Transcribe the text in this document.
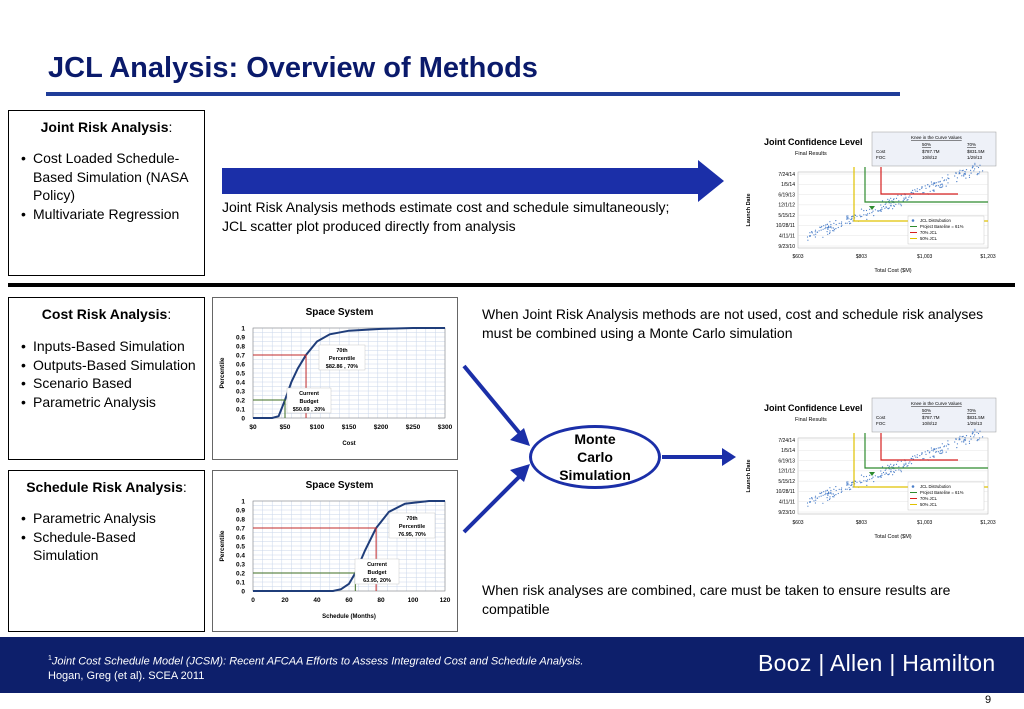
JCL Analysis: Overview of Methods
Joint Risk Analysis:
• Cost Loaded Schedule-Based Simulation (NASA Policy)
• Multivariate Regression	Joint Risk Analysis methods estimate cost and schedule simultaneously; JCL scatter plot produced directly from analysis
Joint Confidence Level
Final Results
Knee in the Curve Values
50%	70%
Cost	$787.7M	$831.5M
FOC	10/8/12	1/29/13
7/24/14
1/5/14
6/19/13
12/1/12
5/15/12
10/28/11
4/11/11
9/23/10
$603	$803	$1,003	$1,203
Total Cost ($M)
Launch Date	JCL Distrubution
Project Baseline = 61%
70% JCL
50% JCL
Cost Risk Analysis:
• Inputs-Based Simulation
• Outputs-Based Simulation
• Scenario Based
• Parametric Analysis
Schedule Risk Analysis:
• Parametric Analysis
• Schedule-Based Simulation
Space System
1
0.9
0.8
0.7
0.6
0.5
0.4
0.3
0.2
0.1
0
$0	$50	$100	$150	$200	$250	$300
Cost
Percentile
70th
Percentile
$82.86 , 70%
Current
Budget
$50.69 , 20%
Space System
1
0.9
0.8
0.7
0.6
0.5
0.4
0.3
0.2
0.1
0
0	20	40	60	80	100	120
Schedule (Months)
Percentile
70th
Percentile
76.95, 70%
Current
Budget
63.95, 20%
When Joint Risk Analysis methods are not used, cost and schedule risk analyses must be combined using a Monte Carlo simulation
Monte
Carlo
Simulation
Joint Confidence Level
Final Results
Knee in the Curve Values
50%	70%
Cost	$787.7M	$831.5M
FOC	10/8/12	1/29/13
7/24/14
1/5/14
6/19/13
12/1/12
5/15/12
10/28/11
4/11/11
9/23/10
$603	$803	$1,003	$1,203
Total Cost ($M)
Launch Date	JCL Distrubution
Project Baseline = 61%
70% JCL
50% JCL
When risk analyses are combined, care must be taken to ensure results are compatible
$^1$Joint Cost Schedule Model (JCSM): Recent AFCAA Efforts to Assess Integrated Cost and Schedule Analysis. Hogan, Greg (et al). SCEA 2011	Booz | Allen | Hamilton
9
